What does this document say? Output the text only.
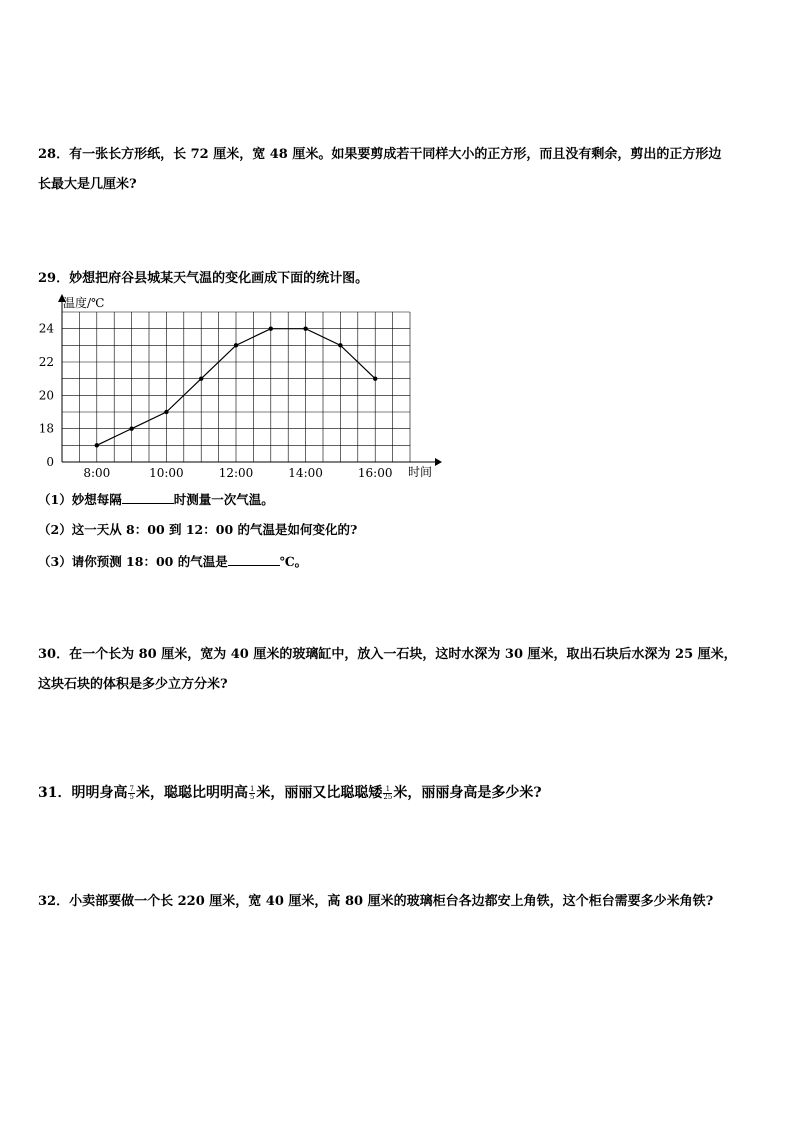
28．有一张长方形纸，长 72 厘米，宽 48 厘米。如果要剪成若干同样大小的正方形，而且没有剩余，剪出的正方形边

长最大是几厘米?

29．妙想把府谷县城某天气温的变化画成下面的统计图。

温度/℃
时间
0
18
20
22
24
8:00	10:00	12:00	14:00	16:00
（1）妙想每隔	时测量一次气温。
（2）这一天从 8：00 到 12：00 的气温是如何变化的?
（3）请你预测 18：00 的气温是	℃。

30．在一个长为 80 厘米，宽为 40 厘米的玻璃缸中，放入一石块，这时水深为 30 厘米，取出石块后水深为 25 厘米，

这块石块的体积是多少立方分米?

31．明明身高 $\frac{7}{5}$ 米，聪聪比明明高 $\frac{1}{5}$ 米，丽丽又比聪聪矮 $\frac{1}{25}$ 米，丽丽身高是多少米?

32．小卖部要做一个长 220 厘米，宽 40 厘米，高 80 厘米的玻璃柜台各边都安上角铁，这个柜台需要多少米角铁?
